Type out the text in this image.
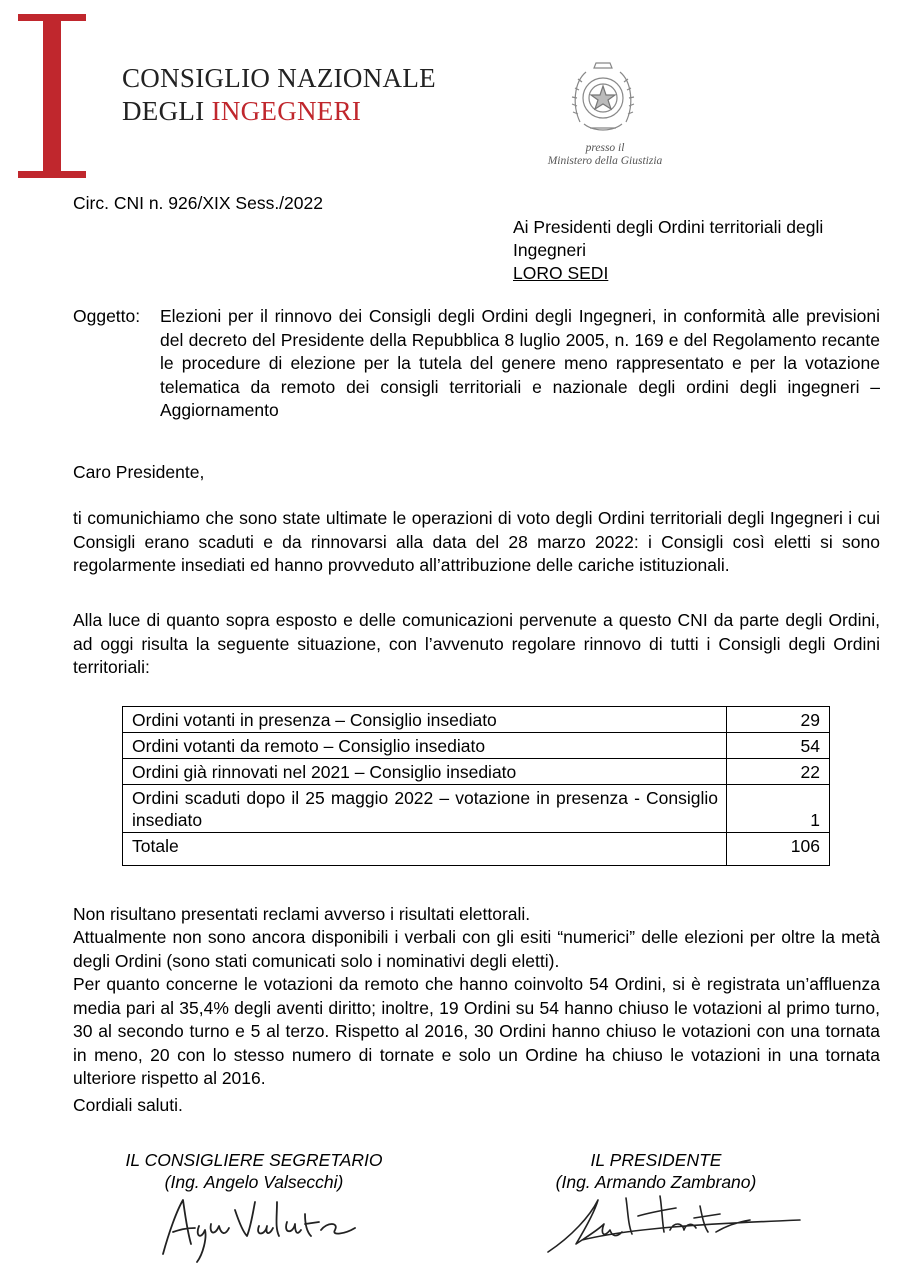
CONSIGLIO NAZIONALE
DEGLI INGEGNERI
presso il
Ministero della Giustizia
Circ. CNI n. 926/XIX Sess./2022
Ai Presidenti degli Ordini territoriali degli
Ingegneri
LORO SEDI
Oggetto: Elezioni per il rinnovo dei Consigli degli Ordini degli Ingegneri, in conformità alle previsioni del decreto del Presidente della Repubblica 8 luglio 2005, n. 169 e del Regolamento recante le procedure di elezione per la tutela del genere meno rappresentato e per la votazione telematica da remoto dei consigli territoriali e nazionale degli ordini degli ingegneri – Aggiornamento
Caro Presidente,
ti comunichiamo che sono state ultimate le operazioni di voto degli Ordini territoriali degli Ingegneri i cui Consigli erano scaduti e da rinnovarsi alla data del 28 marzo 2022: i Consigli così eletti si sono regolarmente insediati ed hanno provveduto all’attribuzione delle cariche istituzionali.
Alla luce di quanto sopra esposto e delle comunicazioni pervenute a questo CNI da parte degli Ordini, ad oggi risulta la seguente situazione, con l’avvenuto regolare rinnovo di tutti i Consigli degli Ordini territoriali:
Ordini votanti in presenza – Consiglio insediato	29
Ordini votanti da remoto – Consiglio insediato	54
Ordini già rinnovati nel 2021 – Consiglio insediato	22
Ordini scaduti dopo il 25 maggio 2022 – votazione in presenza - Consiglio insediato	1
Totale	106
Non risultano presentati reclami avverso i risultati elettorali.
Attualmente non sono ancora disponibili i verbali con gli esiti “numerici” delle elezioni per oltre la metà degli Ordini (sono stati comunicati solo i nominativi degli eletti).
Per quanto concerne le votazioni da remoto che hanno coinvolto 54 Ordini, si è registrata un’affluenza media pari al 35,4% degli aventi diritto; inoltre, 19 Ordini su 54 hanno chiuso le votazioni al primo turno, 30 al secondo turno e 5 al terzo. Rispetto al 2016, 30 Ordini hanno chiuso le votazioni con una tornata in meno, 20 con lo stesso numero di tornate e solo un Ordine ha chiuso le votazioni in una tornata ulteriore rispetto al 2016.
Cordiali saluti.
IL CONSIGLIERE SEGRETARIO
(Ing. Angelo Valsecchi)
IL PRESIDENTE
(Ing. Armando Zambrano)
